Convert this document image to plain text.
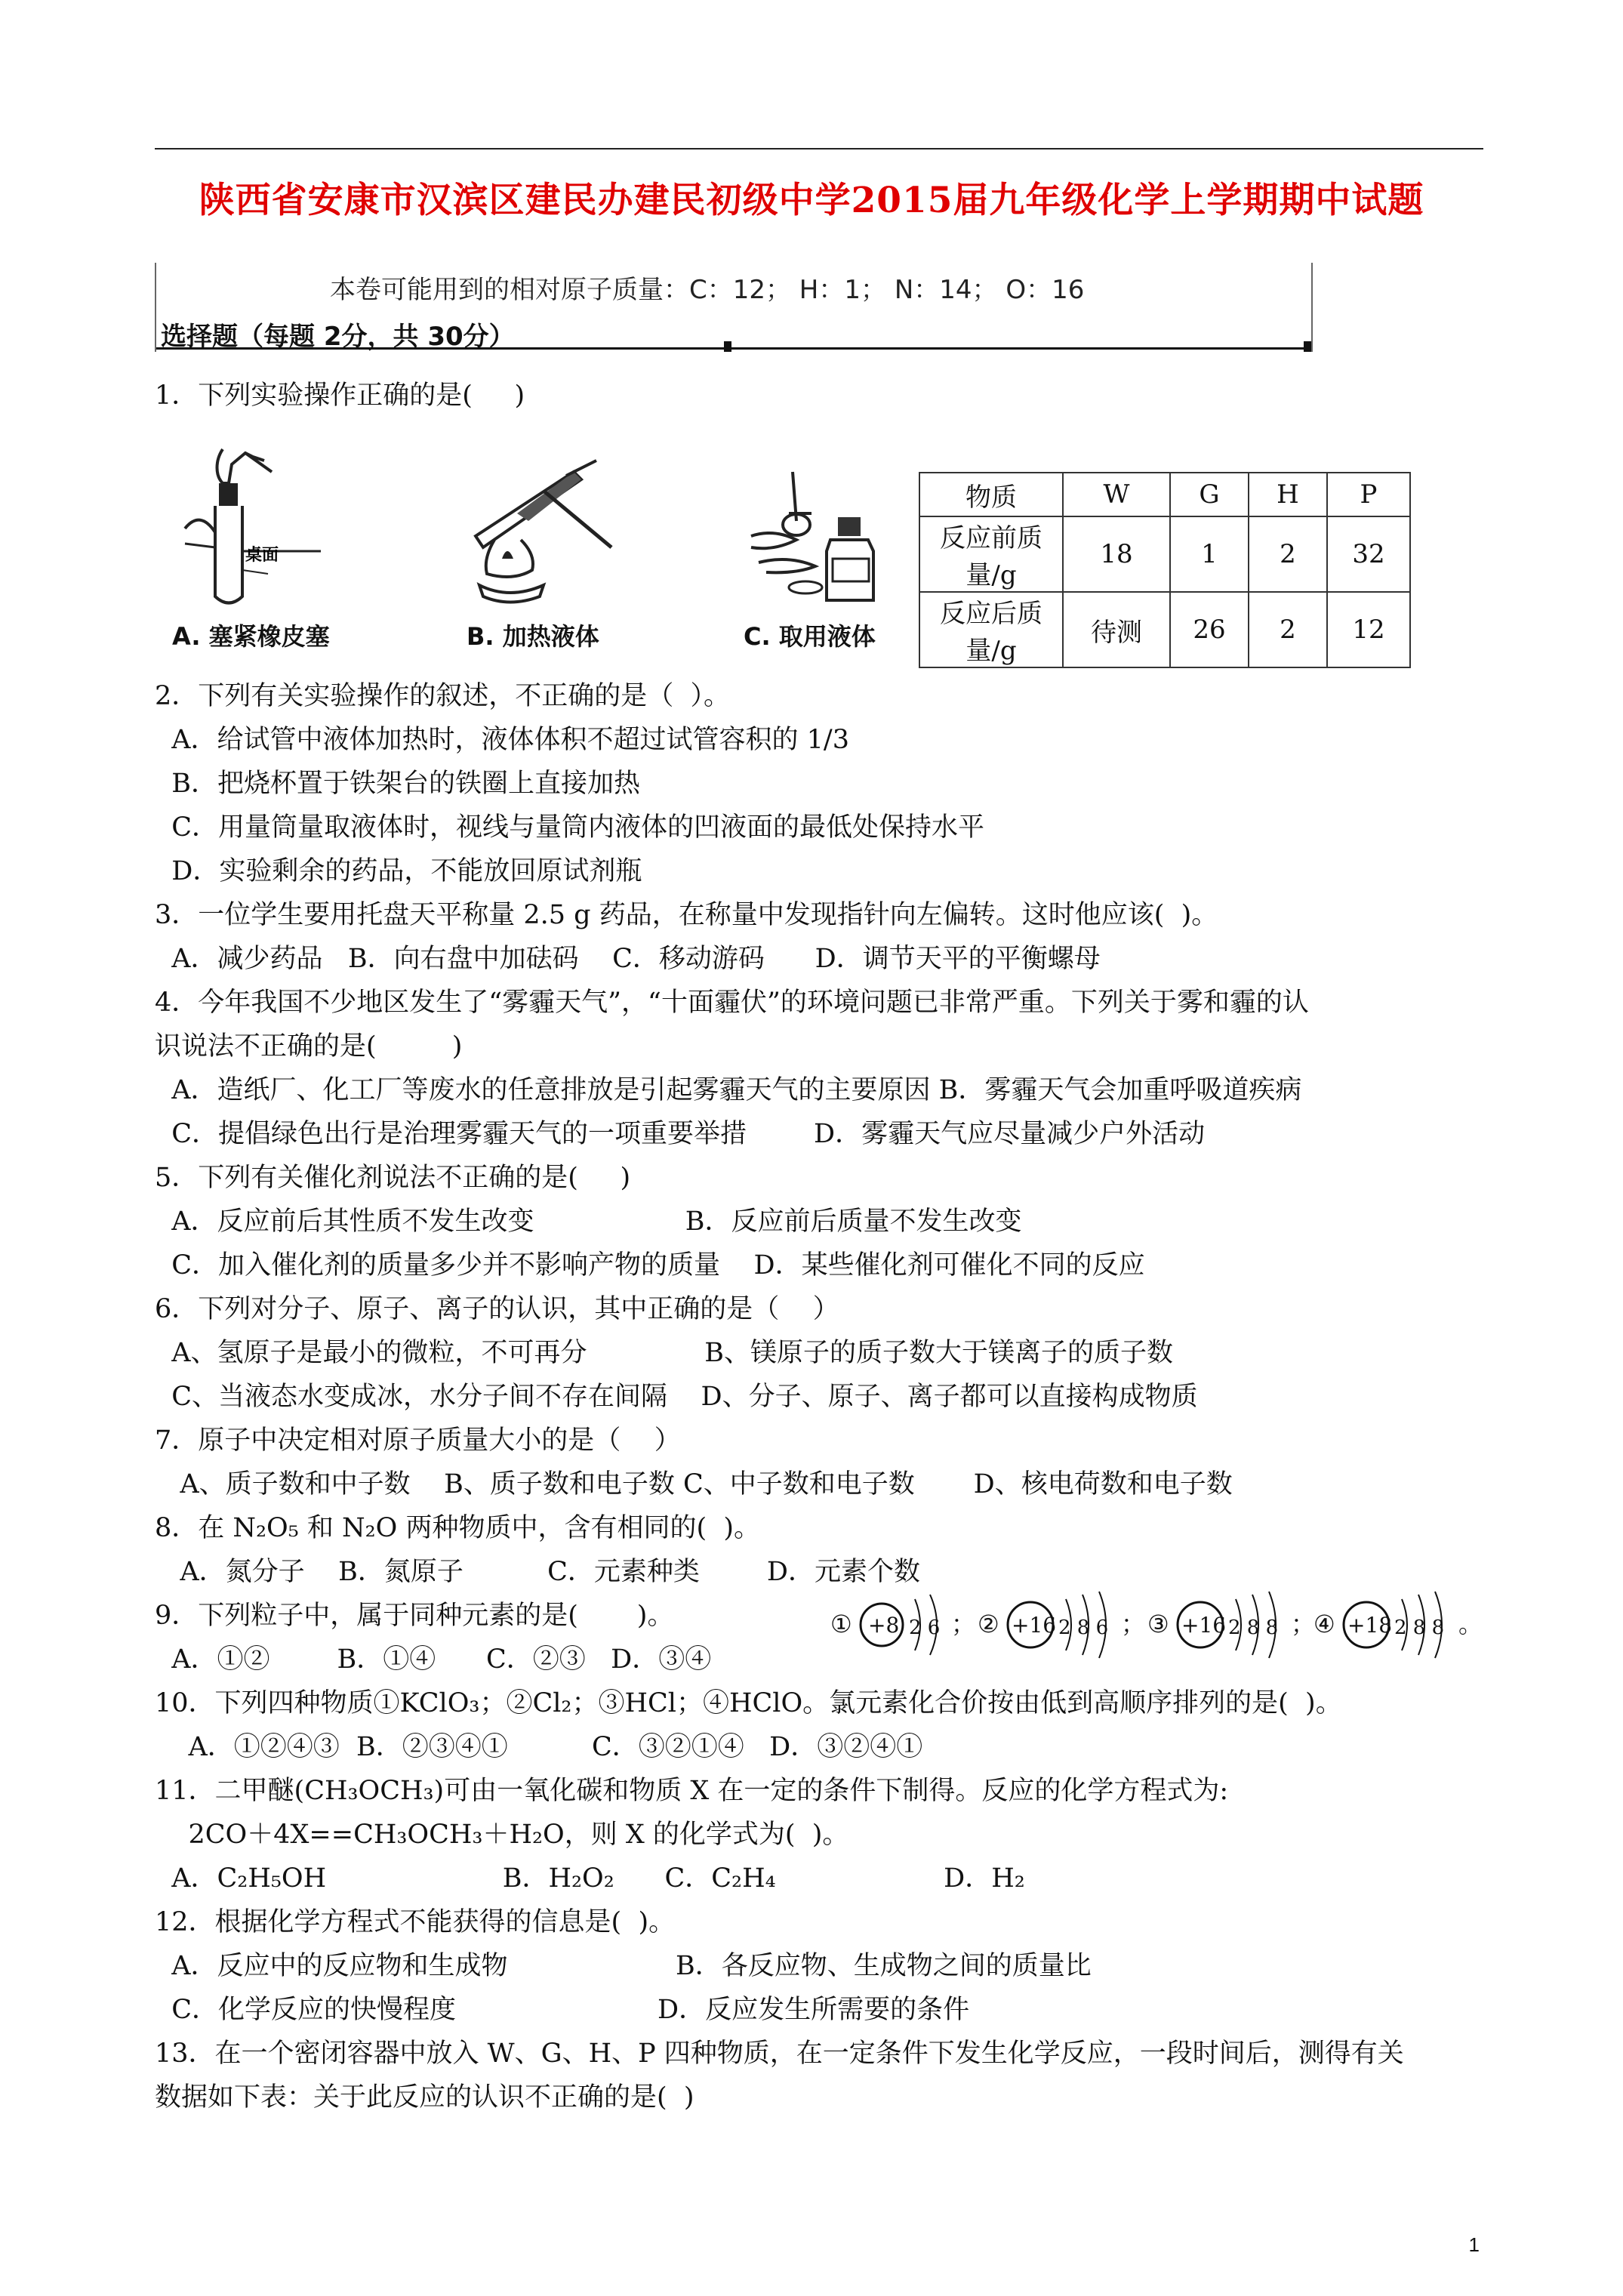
陕西省安康市汉滨区建民办建民初级中学2015届九年级化学上学期期中试题
本卷可能用到的相对原子质量：C：12； H：1； N：14； O：16
选择题（每题 2分，共 30分）
1．下列实验操作正确的是(     )
桌面
A. 塞紧橡皮塞	B. 加热液体	C. 取用液体
物质	W	G	H	P
反应前质量/g	18	1	2	32
反应后质量/g	待测	26	2	12
2．下列有关实验操作的叙述，不正确的是（  ）。
A．给试管中液体加热时，液体体积不超过试管容积的 1/3
B．把烧杯置于铁架台的铁圈上直接加热
C．用量筒量取液体时，视线与量筒内液体的凹液面的最低处保持水平
D．实验剩余的药品，不能放回原试剂瓶
3．一位学生要用托盘天平称量 2.5 g 药品，在称量中发现指针向左偏转。这时他应该(  )。
A．减少药品   B．向右盘中加砝码    C．移动游码      D．调节天平的平衡螺母
4．今年我国不少地区发生了“雾霾天气”，“十面霾伏”的环境问题已非常严重。下列关于雾和霾的认
识说法不正确的是(         )
A．造纸厂、化工厂等废水的任意排放是引起雾霾天气的主要原因 B．雾霾天气会加重呼吸道疾病
C．提倡绿色出行是治理雾霾天气的一项重要举措        D．雾霾天气应尽量减少户外活动
5．下列有关催化剂说法不正确的是(     )
A．反应前后其性质不发生改变                  B．反应前后质量不发生改变
C．加入催化剂的质量多少并不影响产物的质量    D．某些催化剂可催化不同的反应
6．下列对分子、原子、离子的认识，其中正确的是（    ）
A、氢原子是最小的微粒，不可再分              B、镁原子的质子数大于镁离子的质子数
C、当液态水变成冰，水分子间不存在间隔    D、分子、原子、离子都可以直接构成物质
7．原子中决定相对原子质量大小的是（    ）
A、质子数和中子数    B、质子数和电子数 C、中子数和电子数       D、核电荷数和电子数
8．在 N₂O₅ 和 N₂O 两种物质中，含有相同的(  )。
A．氮分子    B．氮原子          C．元素种类        D．元素个数
9．下列粒子中，属于同种元素的是(       )。
A．①②        B．①④      C．②③   D．③④
① +8 2 6 ； ② +16 2 8 6 ； ③ +16 2 8 8 ；
④ +18 2 8 8 。
10．下列四种物质①KClO₃；②Cl₂；③HCl；④HClO。氯元素化合价按由低到高顺序排列的是(  )。
A．①②④③  B．②③④①          C．③②①④   D．③②④①
11．二甲醚(CH₃OCH₃)可由一氧化碳和物质 X 在一定的条件下制得。反应的化学方程式为:
2CO＋4X==CH₃OCH₃＋H₂O，则 X 的化学式为(  )。
A．C₂H₅OH                     B．H₂O₂      C．C₂H₄                    D．H₂
12．根据化学方程式不能获得的信息是(  )。
A．反应中的反应物和生成物                    B．各反应物、生成物之间的质量比
C．化学反应的快慢程度                        D．反应发生所需要的条件
13．在一个密闭容器中放入 W、G、H、P 四种物质，在一定条件下发生化学反应，一段时间后，测得有关
数据如下表：关于此反应的认识不正确的是(  )
1
